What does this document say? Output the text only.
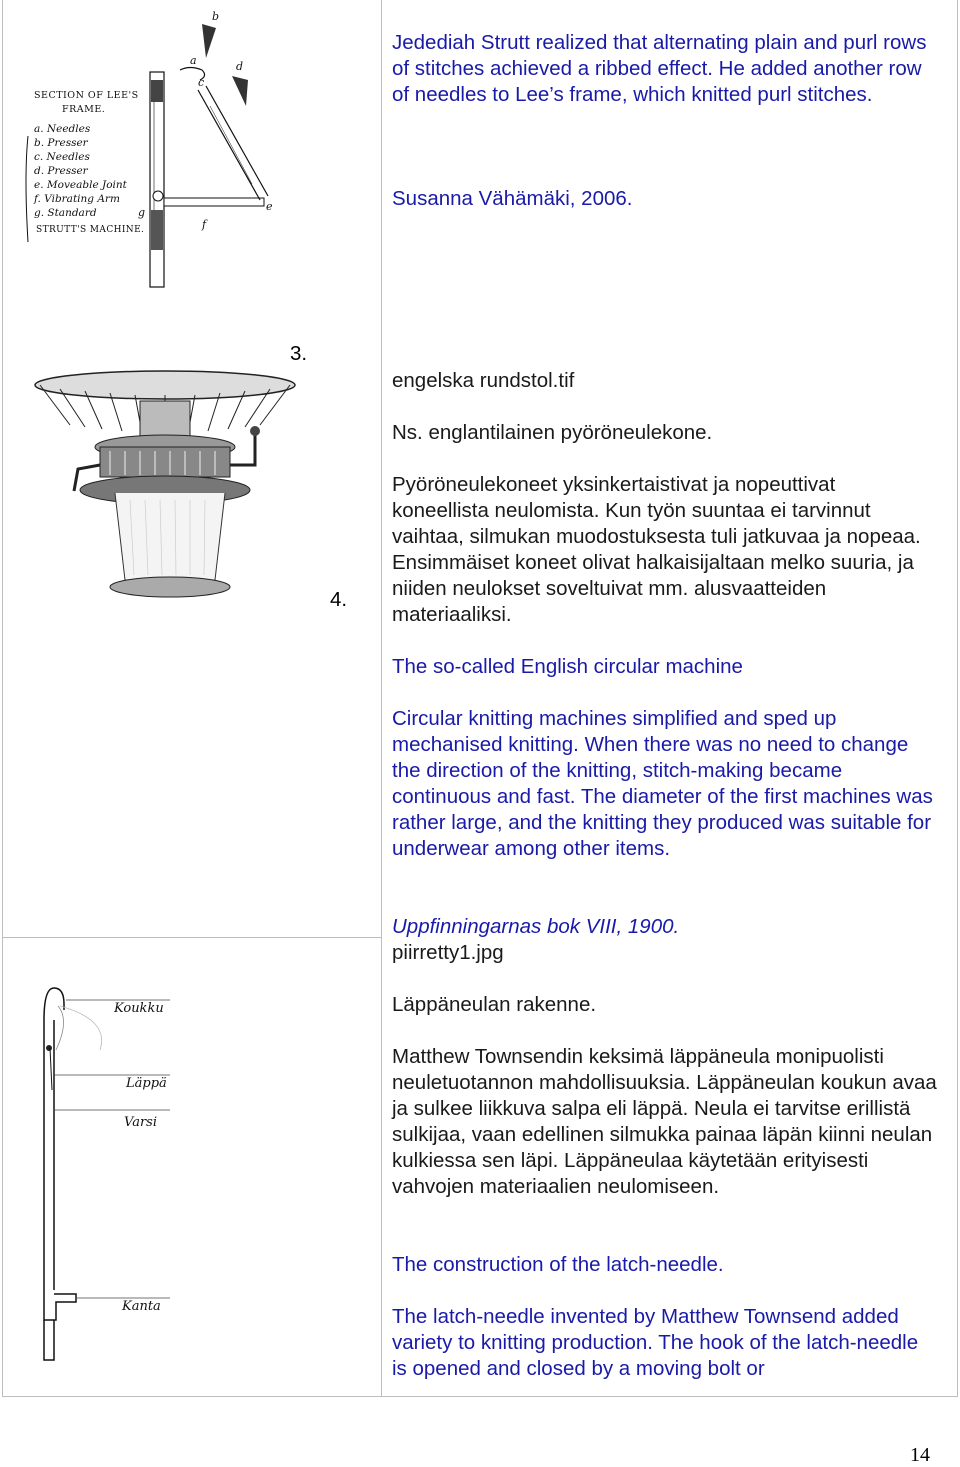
SECTION OF LEE'S
FRAME.
a. Needles
b. Presser
c. Needles
d. Presser
e. Moveable Joint
f. Vibrating Arm
g. Standard
STRUTT'S MACHINE.
a
b
c
d
e
f
g

Jedediah Strutt realized that alternating plain and purl rows of stitches achieved a ribbed effect. He added another row of needles to Lee’s frame, which knitted purl stitches.

Susanna Vähämäki, 2006.

3.
4.

engelska rundstol.tif

Ns. englantilainen pyöröneulekone.

Pyöröneulekoneet yksinkertaistivat ja nopeuttivat koneellista neulomista. Kun työn suuntaa ei tarvinnut vaihtaa, silmukan muodostuksesta tuli jatkuvaa ja nopeaa. Ensimmäiset koneet olivat halkaisijaltaan melko suuria, ja niiden neulokset soveltuivat mm. alusvaatteiden materiaaliksi.

The so-called English circular machine

Circular knitting machines simplified and sped up mechanised knitting. When there was no need to change the direction of the knitting, stitch-making became continuous and fast. The diameter of the first machines was rather large, and the knitting they produced was suitable for underwear among other items.

Uppfinningarnas bok VIII, 1900.

Koukku
Läppä
Varsi
Kanta

piirretty1.jpg

Läppäneulan rakenne.

Matthew Townsendin keksimä läppäneula monipuolisti neuletuotannon mahdollisuuksia. Läppäneulan koukun avaa ja sulkee liikkuva salpa eli läppä. Neula ei tarvitse erillistä sulkijaa, vaan edellinen silmukka painaa läpän kiinni neulan kulkiessa sen läpi. Läppäneulaa käytetään erityisesti vahvojen materiaalien neulomiseen.

The construction of the latch-needle.

The latch-needle invented by Matthew Townsend added variety to knitting production. The hook of the latch-needle is opened and closed by a moving bolt or

14
